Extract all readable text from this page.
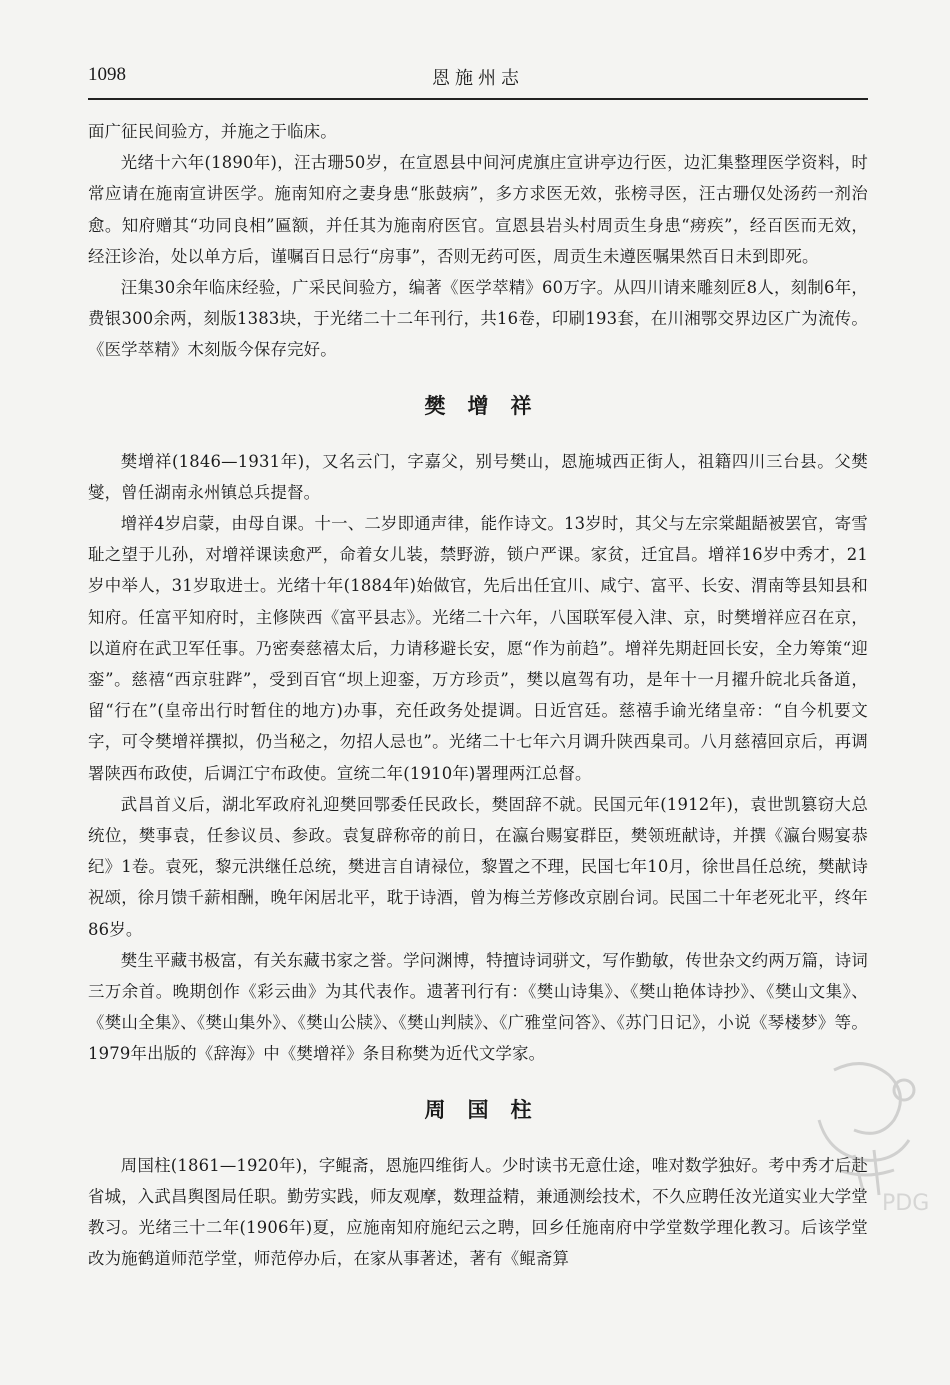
1098	恩施州志

面广征民间验方，并施之于临床。

光绪十六年(1890年)，汪古珊50岁，在宣恩县中间河虎旗庄宣讲亭边行医，边汇集整理医学资料，时常应请在施南宣讲医学。施南知府之妻身患“胀鼓病”，多方求医无效，张榜寻医，汪古珊仅处汤药一剂治愈。知府赠其“功同良相”匾额，并任其为施南府医官。宣恩县岩头村周贡生身患“痨疾”，经百医而无效，经汪诊治，处以单方后，谨嘱百日忌行“房事”，否则无药可医，周贡生未遵医嘱果然百日未到即死。

汪集30余年临床经验，广采民间验方，编著《医学萃精》60万字。从四川请来雕刻匠8人，刻制6年，费银300余两，刻版1383块，于光绪二十二年刊行，共16卷，印刷193套，在川湘鄂交界边区广为流传。《医学萃精》木刻版今保存完好。

樊增祥

樊增祥(1846—1931年)，又名云门，字嘉父，别号樊山，恩施城西正街人，祖籍四川三台县。父樊燮，曾任湖南永州镇总兵提督。

增祥4岁启蒙，由母自课。十一、二岁即通声律，能作诗文。13岁时，其父与左宗棠龃龉被罢官，寄雪耻之望于儿孙，对增祥课读愈严，命着女儿装，禁野游，锁户严课。家贫，迁宜昌。增祥16岁中秀才，21岁中举人，31岁取进士。光绪十年(1884年)始做官，先后出任宜川、咸宁、富平、长安、渭南等县知县和知府。任富平知府时，主修陕西《富平县志》。光绪二十六年，八国联军侵入津、京，时樊增祥应召在京，以道府在武卫军任事。乃密奏慈禧太后，力请移避长安，愿“作为前趋”。增祥先期赶回长安，全力筹策“迎銮”。慈禧“西京驻跸”，受到百官“坝上迎銮，万方珍贡”，樊以扈驾有功，是年十一月擢升皖北兵备道，留“行在”(皇帝出行时暂住的地方)办事，充任政务处提调。日近宫廷。慈禧手谕光绪皇帝：“自今机要文字，可令樊增祥撰拟，仍当秘之，勿招人忌也”。光绪二十七年六月调升陕西臬司。八月慈禧回京后，再调署陕西布政使，后调江宁布政使。宣统二年(1910年)署理两江总督。

武昌首义后，湖北军政府礼迎樊回鄂委任民政长，樊固辞不就。民国元年(1912年)，袁世凯篡窃大总统位，樊事袁，任参议员、参政。袁复辟称帝的前日，在瀛台赐宴群臣，樊领班献诗，并撰《瀛台赐宴恭纪》1卷。袁死，黎元洪继任总统，樊进言自请禄位，黎置之不理，民国七年10月，徐世昌任总统，樊献诗祝颂，徐月馈千薪相酬，晚年闲居北平，耽于诗酒，曾为梅兰芳修改京剧台词。民国二十年老死北平，终年86岁。

樊生平藏书极富，有关东藏书家之誉。学问渊博，特擅诗词骈文，写作勤敏，传世杂文约两万篇，诗词三万余首。晚期创作《彩云曲》为其代表作。遗著刊行有：《樊山诗集》、《樊山艳体诗抄》、《樊山文集》、《樊山全集》、《樊山集外》、《樊山公牍》、《樊山判牍》、《广雅堂问答》、《苏门日记》，小说《琴楼梦》等。1979年出版的《辞海》中《樊增祥》条目称樊为近代文学家。

周国柱

周国柱(1861—1920年)，字鲲斋，恩施四维街人。少时读书无意仕途，唯对数学独好。考中秀才后赴省城，入武昌舆图局任职。勤劳实践，师友观摩，数理益精，兼通测绘技术，不久应聘任汝光道实业大学堂教习。光绪三十二年(1906年)夏，应施南知府施纪云之聘，回乡任施南府中学堂数学理化教习。后该学堂改为施鹤道师范学堂，师范停办后，在家从事著述，著有《鲲斋算

PDG
